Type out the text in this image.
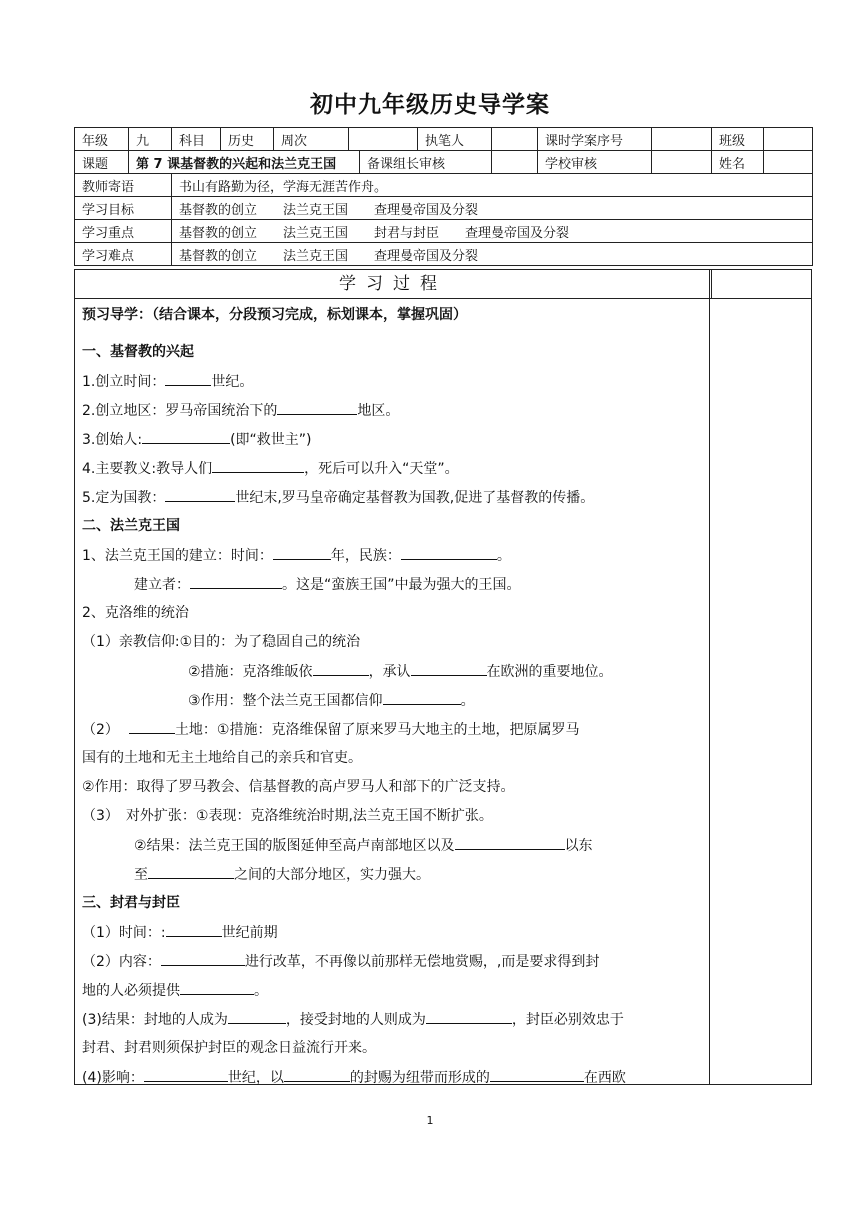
初中九年级历史导学案
年级	九	科目	历史	周次			执笔人		课时学案序号		班级	
课题	第 7 课基督教的兴起和法兰克王国					备课组长审核			学校审核		姓名	
教师寄语		书山有路勤为径，学海无涯苦作舟。										
学习目标		基督教的创立　　法兰克王国　　查理曼帝国及分裂										
学习重点		基督教的创立　　法兰克王国　　封君与封臣　　查理曼帝国及分裂										
学习难点		基督教的创立　　法兰克王国　　查理曼帝国及分裂										
学习过程
预习导学：（结合课本，分段预习完成，标划课本，掌握巩固）
一、基督教的兴起
1.创立时间：	世纪。
2.创立地区：罗马帝国统治下的	地区。
3.创始人:	(即“救世主”)
4.主要教义:教导人们	，死后可以升入“天堂”。
5.定为国教：	世纪末,罗马皇帝确定基督教为国教,促进了基督教的传播。
二、法兰克王国
1、法兰克王国的建立：时间：	年，民族：	。
建立者：	。这是“蛮族王国”中最为强大的王国。
2、克洛维的统治
（1）亲教信仰:①目的：为了稳固自己的统治
②措施：克洛维皈依	，承认	在欧洲的重要地位。
③作用：整个法兰克王国都信仰	。
（2）	土地：①措施：克洛维保留了原来罗马大地主的土地，把原属罗马
国有的土地和无主土地给自己的亲兵和官吏。
②作用：取得了罗马教会、信基督教的高卢罗马人和部下的广泛支持。
（3）　对外扩张：①表现：克洛维统治时期,法兰克王国不断扩张。
②结果：法兰克王国的版图延伸至高卢南部地区以及	以东
至	之间的大部分地区，实力强大。
三、封君与封臣
（1）时间：:	世纪前期
（2）内容：	进行改革，不再像以前那样无偿地赏赐，,而是要求得到封
地的人必须提供	。
(3)结果：封地的人成为	，接受封地的人则成为	，封臣必别效忠于
封君、封君则须保护封臣的观念日益流行开来。
(4)影响：	世纪，以	的封赐为纽带而形成的	在西欧
1
